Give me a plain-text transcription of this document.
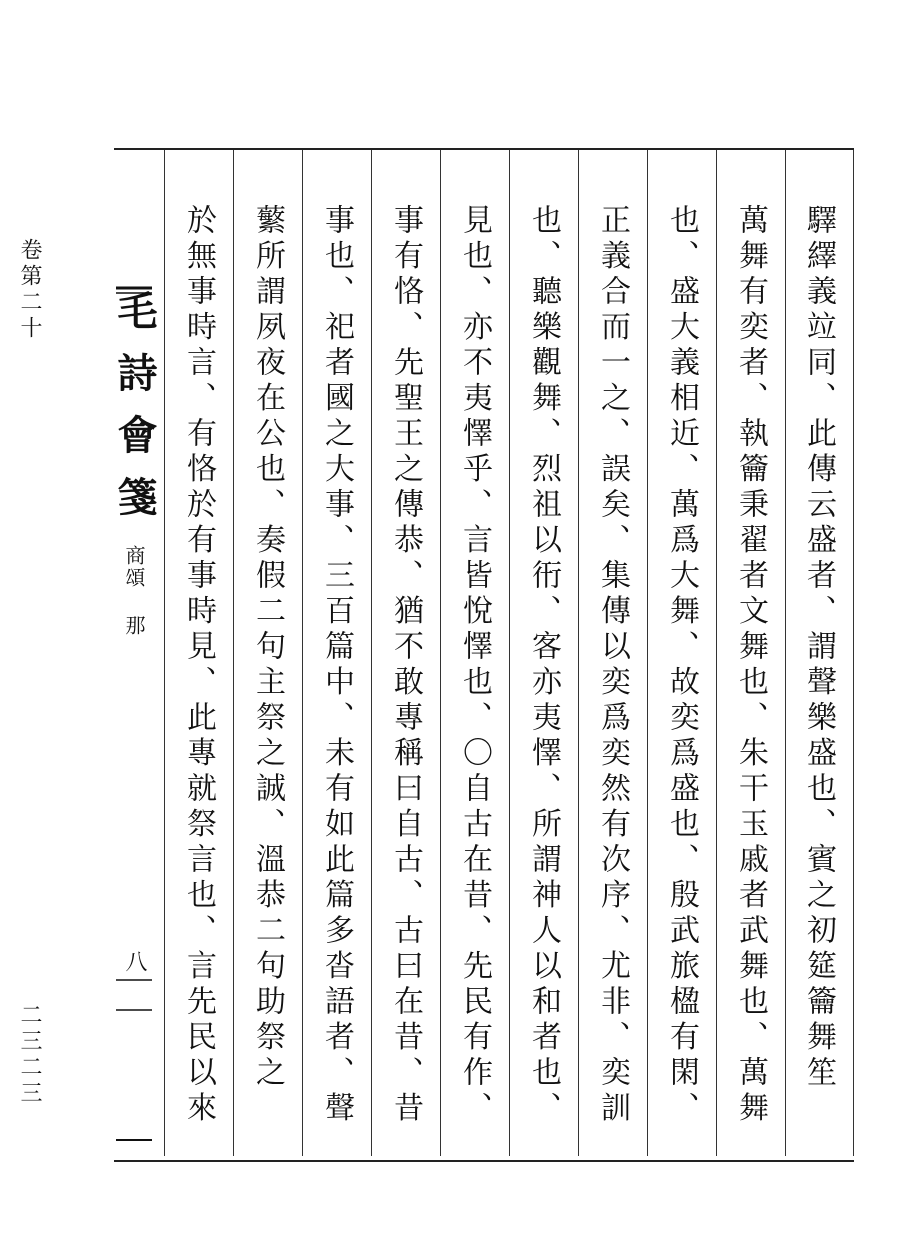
卷第二十
二三二三
毛詩會箋
商頌 那
八
驛繹義竝同、此傳云盛者、謂聲樂盛也、賓之初筵籥舞笙
萬舞有奕者、執籥秉翟者文舞也、朱干玉戚者武舞也、萬舞
也、盛大義相近、萬爲大舞、故奕爲盛也、殷武旅楹有閑、
正義合而一之、誤矣、集傳以奕爲奕然有次序、尤非、奕訓
也、聽樂觀舞、烈祖以衎、客亦夷懌、所謂神人以和者也、
見也、亦不夷懌乎、言皆悅懌也、〇自古在昔、先民有作、
事有恪、先聖王之傳恭、猶不敢專稱曰自古、古曰在昔、昔
事也、祀者國之大事、三百篇中、未有如此篇多沓語者、聲
蘩所謂夙夜在公也、奏假二句主祭之誠、溫恭二句助祭之
於無事時言、有恪於有事時見、此專就祭言也、言先民以來
